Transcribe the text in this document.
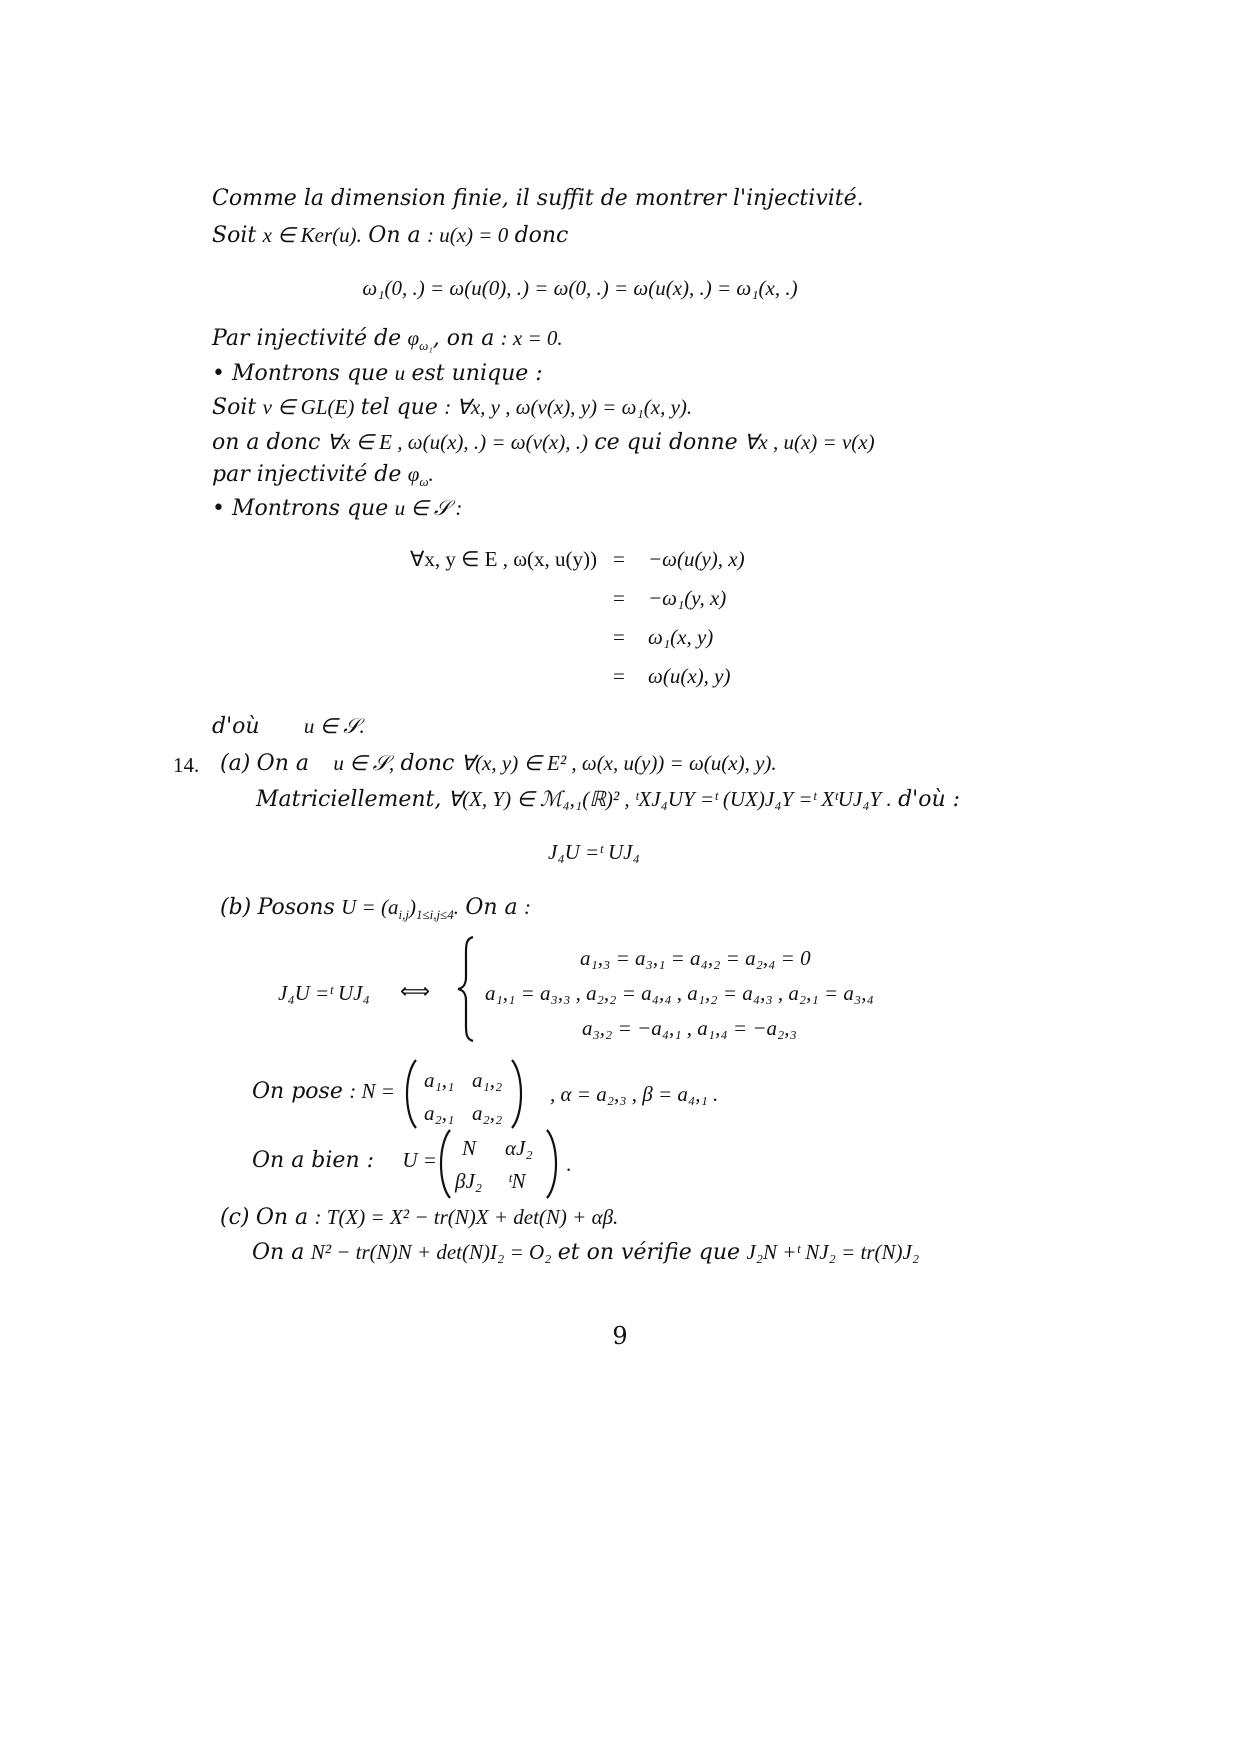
Comme la dimension finie, il suffit de montrer l'injectivité.
Soit x ∈ Ker(u). On a : u(x) = 0 donc
ω₁(0, .) = ω(u(0), .) = ω(0, .) = ω(u(x), .) = ω₁(x, .)
Par injectivité de $\varphi_{\omega_1}$, on a : x = 0.
• Montrons que u est unique :
Soit v ∈ GL(E) tel que : ∀x, y , ω(v(x), y) = ω₁(x, y).
on a donc ∀x ∈ E , ω(u(x), .) = ω(v(x), .) ce qui donne ∀x , u(x) = v(x)
par injectivité de $\varphi_\omega$.
• Montrons que u ∈ 𝒮 :
∀x, y ∈ E , ω(x, u(y)) = −ω(u(y), x)
= −ω₁(y, x)
= ω₁(x, y)
= ω(u(x), y)
d'où u ∈ 𝒮.
14. (a) On a u ∈ 𝒮, donc ∀(x, y) ∈ E² , ω(x, u(y)) = ω(u(x), y).
Matriciellement, ∀(X, Y) ∈ ℳ₄,₁(ℝ)² , ᵗXJ₄UY =ᵗ (UX)J₄Y =ᵗ XᵗUJ₄Y . d'où :
J₄U =ᵗ UJ₄
(b) Posons $U = (a_{i,j})_{1\le i,j\le 4}$. On a :
J₄U =ᵗ UJ₄ ⟺
a₁,₃ = a₃,₁ = a₄,₂ = a₂,₄ = 0
a₁,₁ = a₃,₃ , a₂,₂ = a₄,₄ , a₁,₂ = a₄,₃ , a₂,₁ = a₃,₄
a₃,₂ = −a₄,₁ , a₁,₄ = −a₂,₃
On pose : N = a₁,₁ a₁,₂
a₂,₁ a₂,₂
, α = a₂,₃ , β = a₄,₁ .
On a bien : U = N αJ₂
βJ₂ ᵗN
.
(c) On a : T(X) = X² − tr(N)X + det(N) + αβ.
On a N² − tr(N)N + det(N)I₂ = O₂ et on vérifie que J₂N +ᵗ NJ₂ = tr(N)J₂
9
